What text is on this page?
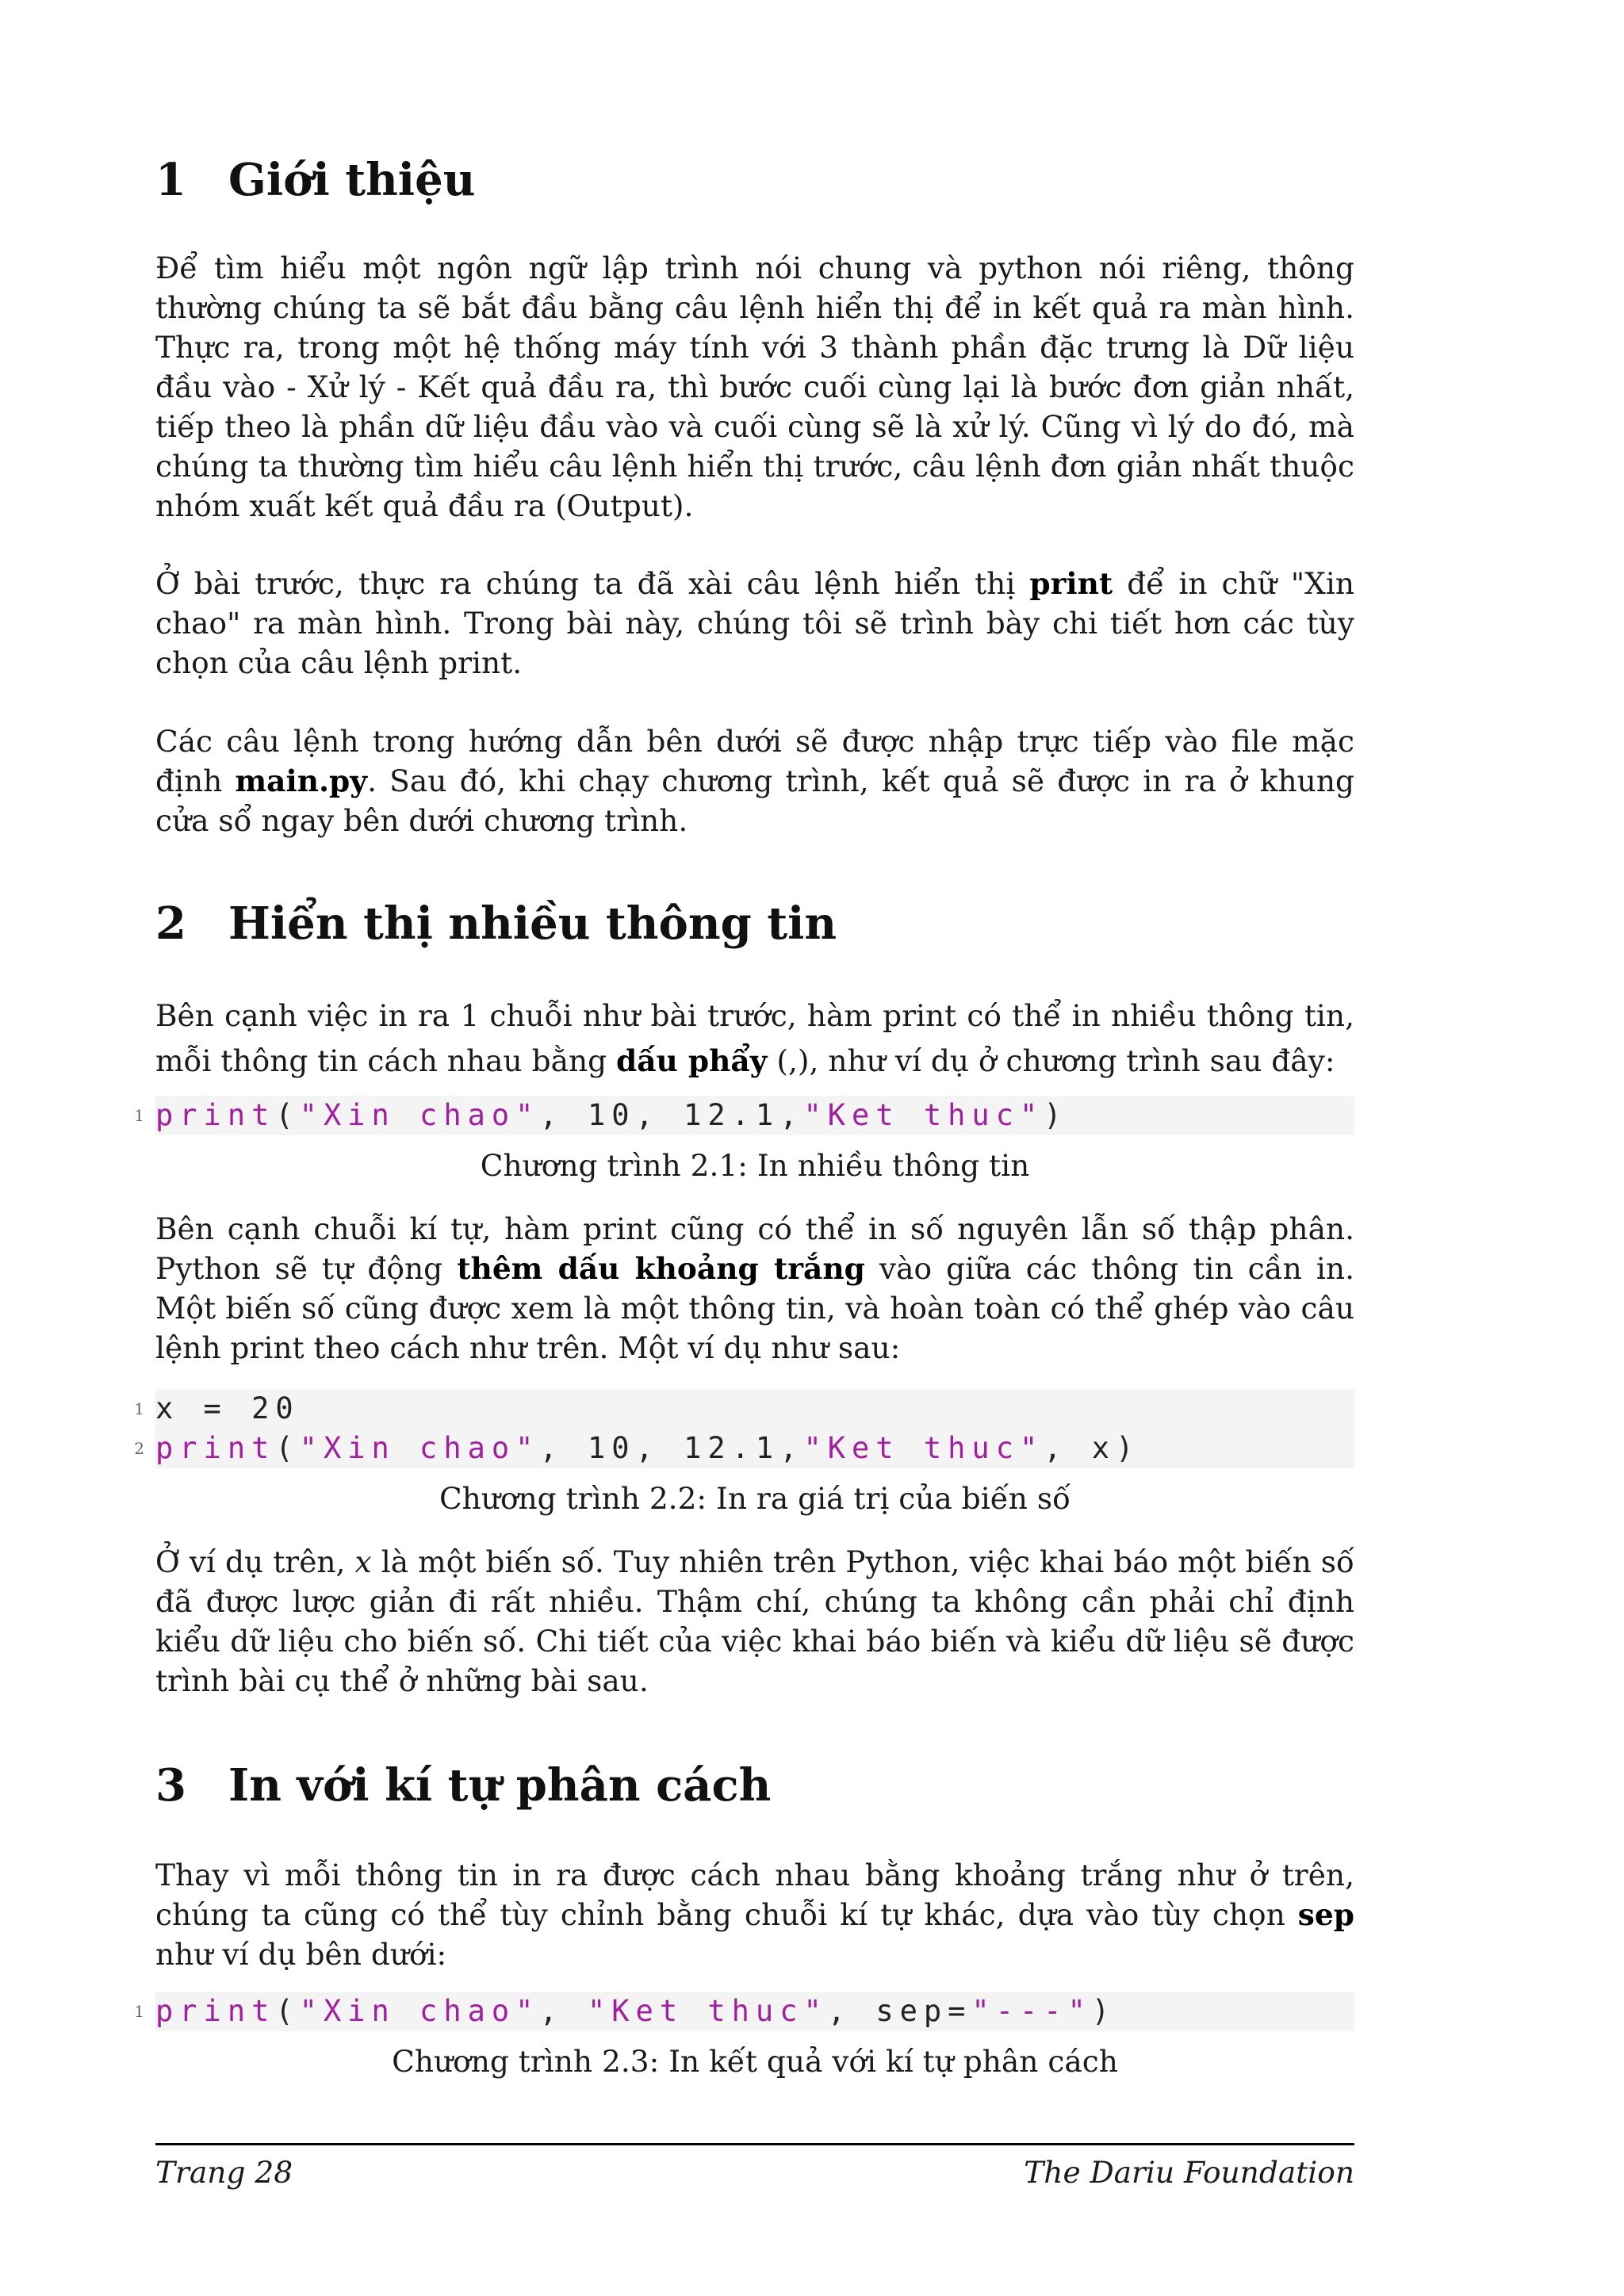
1 Giới thiệu

Để tìm hiểu một ngôn ngữ lập trình nói chung và python nói riêng, thông thường chúng ta sẽ bắt đầu bằng câu lệnh hiển thị để in kết quả ra màn hình. Thực ra, trong một hệ thống máy tính với 3 thành phần đặc trưng là Dữ liệu đầu vào - Xử lý - Kết quả đầu ra, thì bước cuối cùng lại là bước đơn giản nhất, tiếp theo là phần dữ liệu đầu vào và cuối cùng sẽ là xử lý. Cũng vì lý do đó, mà chúng ta thường tìm hiểu câu lệnh hiển thị trước, câu lệnh đơn giản nhất thuộc nhóm xuất kết quả đầu ra (Output).

Ở bài trước, thực ra chúng ta đã xài câu lệnh hiển thị print để in chữ "Xin chao" ra màn hình. Trong bài này, chúng tôi sẽ trình bày chi tiết hơn các tùy chọn của câu lệnh print.

Các câu lệnh trong hướng dẫn bên dưới sẽ được nhập trực tiếp vào file mặc định main.py. Sau đó, khi chạy chương trình, kết quả sẽ được in ra ở khung cửa sổ ngay bên dưới chương trình.

2 Hiển thị nhiều thông tin

Bên cạnh việc in ra 1 chuỗi như bài trước, hàm print có thể in nhiều thông tin, mỗi thông tin cách nhau bằng dấu phẩy (,), như ví dụ ở chương trình sau đây:

1 print("Xin chao", 10, 12.1,"Ket thuc")

Chương trình 2.1: In nhiều thông tin

Bên cạnh chuỗi kí tự, hàm print cũng có thể in số nguyên lẫn số thập phân. Python sẽ tự động thêm dấu khoảng trắng vào giữa các thông tin cần in. Một biến số cũng được xem là một thông tin, và hoàn toàn có thể ghép vào câu lệnh print theo cách như trên. Một ví dụ như sau:

1 x = 20
2 print("Xin chao", 10, 12.1,"Ket thuc", x)

Chương trình 2.2: In ra giá trị của biến số

Ở ví dụ trên, x là một biến số. Tuy nhiên trên Python, việc khai báo một biến số đã được lược giản đi rất nhiều. Thậm chí, chúng ta không cần phải chỉ định kiểu dữ liệu cho biến số. Chi tiết của việc khai báo biến và kiểu dữ liệu sẽ được trình bài cụ thể ở những bài sau.

3 In với kí tự phân cách

Thay vì mỗi thông tin in ra được cách nhau bằng khoảng trắng như ở trên, chúng ta cũng có thể tùy chỉnh bằng chuỗi kí tự khác, dựa vào tùy chọn sep như ví dụ bên dưới:

1 print("Xin chao", "Ket thuc", sep="---")

Chương trình 2.3: In kết quả với kí tự phân cách

Trang 28	The Dariu Foundation
